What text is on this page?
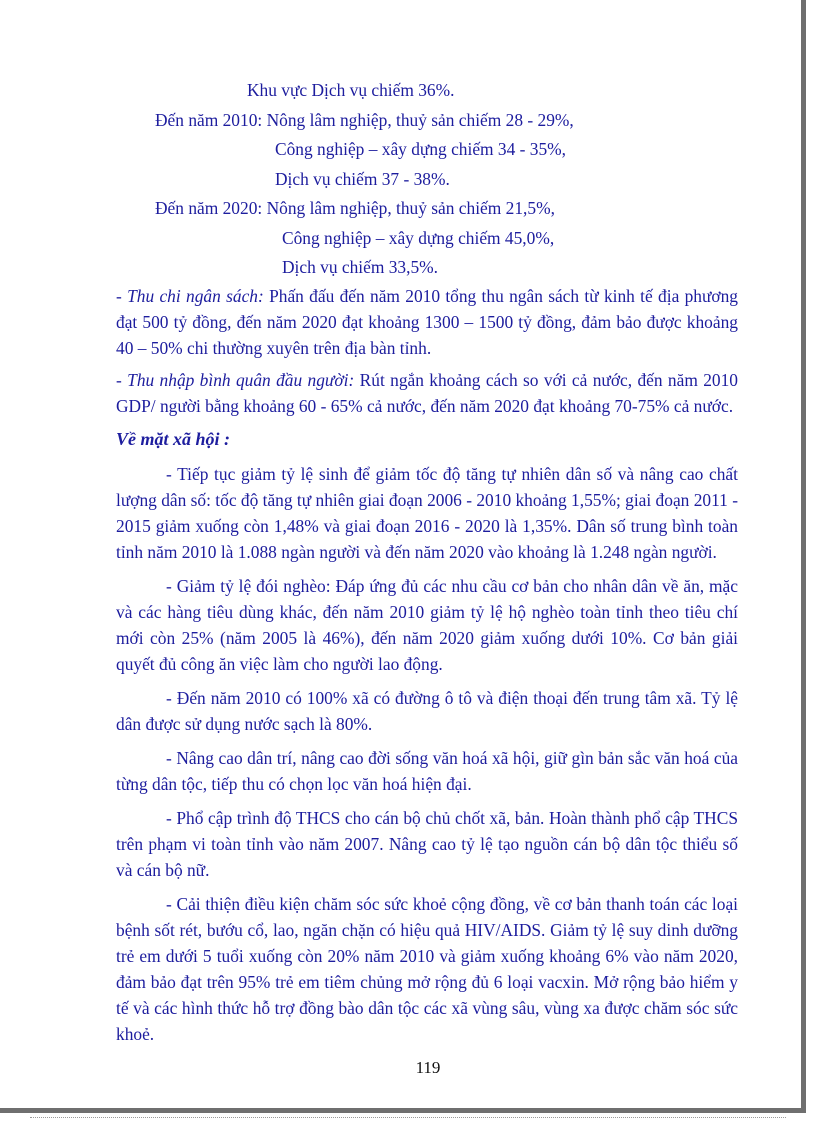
Khu vực Dịch vụ chiếm 36%.
Đến năm 2010: Nông lâm nghiệp, thuỷ sản chiếm 28 - 29%,
Công nghiệp – xây dựng chiếm 34 - 35%,
Dịch vụ chiếm 37 - 38%.
Đến năm 2020: Nông lâm nghiệp, thuỷ sản chiếm 21,5%,
Công nghiệp – xây dựng chiếm 45,0%,
Dịch vụ chiếm 33,5%.

- Thu chi ngân sách: Phấn đấu đến năm 2010 tổng thu ngân sách từ kinh tế địa phương đạt 500 tỷ đồng, đến năm 2020 đạt khoảng 1300 – 1500 tỷ đồng, đảm bảo được khoảng 40 – 50% chi thường xuyên trên địa bàn tỉnh.

- Thu nhập bình quân đầu người: Rút ngắn khoảng cách so với cả nước, đến năm 2010 GDP/ người bằng khoảng 60 - 65% cả nước, đến năm 2020 đạt khoảng 70-75% cả nước.

Về mặt xã hội :

- Tiếp tục giảm tỷ lệ sinh để giảm tốc độ tăng tự nhiên dân số và nâng cao chất lượng dân số: tốc độ tăng tự nhiên giai đoạn 2006 - 2010 khoảng 1,55%; giai đoạn 2011 - 2015 giảm xuống còn 1,48% và giai đoạn 2016 - 2020 là 1,35%. Dân số trung bình toàn tỉnh năm 2010 là 1.088 ngàn người và đến năm 2020 vào khoảng là 1.248 ngàn người.

- Giảm tỷ lệ đói nghèo: Đáp ứng đủ các nhu cầu cơ bản cho nhân dân về ăn, mặc và các hàng tiêu dùng khác, đến năm 2010 giảm tỷ lệ hộ nghèo toàn tỉnh theo tiêu chí mới còn 25% (năm 2005 là 46%), đến năm 2020 giảm xuống dưới 10%. Cơ bản giải quyết đủ công ăn việc làm cho người lao động.

- Đến năm 2010 có 100% xã có đường ô tô và điện thoại đến trung tâm xã. Tỷ lệ dân được sử dụng nước sạch là 80%.

- Nâng cao dân trí, nâng cao đời sống văn hoá xã hội, giữ gìn bản sắc văn hoá của từng dân tộc, tiếp thu có chọn lọc văn hoá hiện đại.

- Phổ cập trình độ THCS cho cán bộ chủ chốt xã, bản. Hoàn thành phổ cập THCS trên phạm vi toàn tỉnh vào năm 2007. Nâng cao tỷ lệ tạo nguồn cán bộ dân tộc thiểu số và cán bộ nữ.

- Cải thiện điều kiện chăm sóc sức khoẻ cộng đồng, về cơ bản thanh toán các loại bệnh sốt rét, bướu cổ, lao, ngăn chặn có hiệu quả HIV/AIDS. Giảm tỷ lệ suy dinh dưỡng trẻ em dưới 5 tuổi xuống còn 20% năm 2010 và giảm xuống khoảng 6% vào năm 2020, đảm bảo đạt trên 95% trẻ em tiêm chủng mở rộng đủ 6 loại vacxin. Mở rộng bảo hiểm y tế và các hình thức hỗ trợ đồng bào dân tộc các xã vùng sâu, vùng xa được chăm sóc sức khoẻ.

119
